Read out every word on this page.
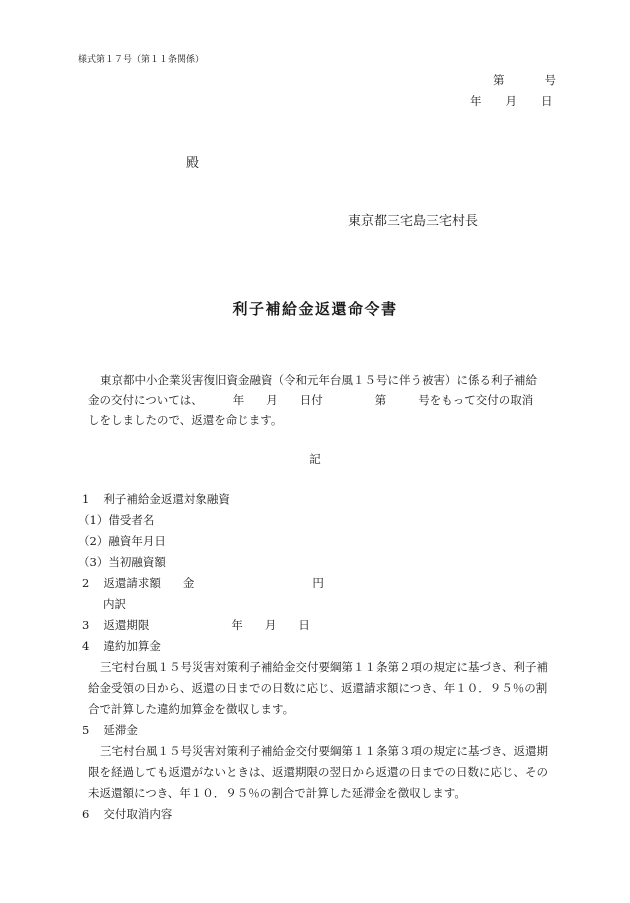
様式第１７号（第１１条関係）
第	号
年 月 日
殿
東京都三宅島三宅村長
利子補給金返還命令書

東京都中小企業災害復旧資金融資（令和元年台風１５号に伴う被害）に係る利子補給

金の交付については、	年 月 日付	第	号をもって交付の取消

しをしましたので、返還を命じます。

記
1 利子補給金返還対象融資
（1）借受者名
（2）融資年月日
（3）当初融資額
2 返還請求額 金	円
内訳
3 返還期限	年 月 日
4 違約加算金
三宅村台風１５号災害対策利子補給金交付要綱第１１条第２項の規定に基づき、利子補
給金受領の日から、返還の日までの日数に応じ、返還請求額につき、年１０．９５％の割
合で計算した違約加算金を徴収します。
5 延滞金
三宅村台風１５号災害対策利子補給金交付要綱第１１条第３項の規定に基づき、返還期
限を経過しても返還がないときは、返還期限の翌日から返還の日までの日数に応じ、その
未返還額につき、年１０．９５％の割合で計算した延滞金を徴収します。
6 交付取消内容
